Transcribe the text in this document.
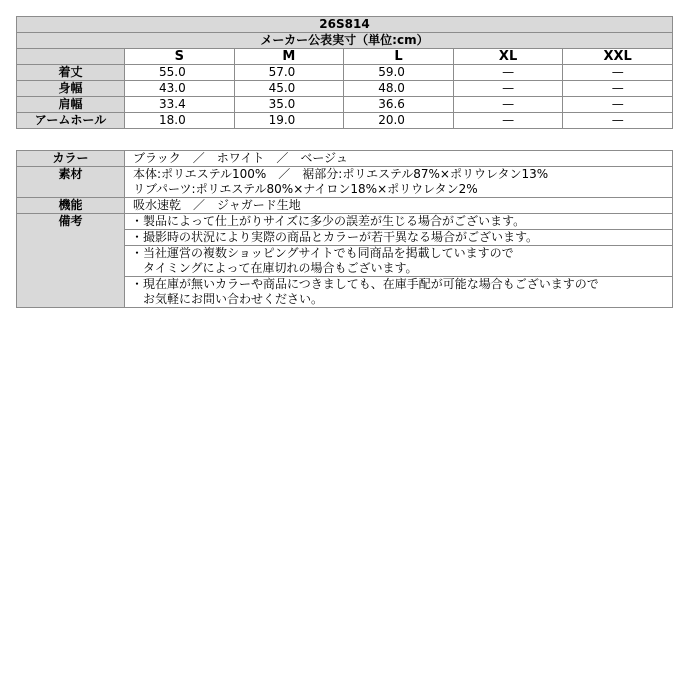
26S814					
メーカー公表実寸（単位:cm）					
	S	M	L	XL	XXL
着丈	55.0	57.0	59.0	—	—
身幅	43.0	45.0	48.0	—	—
肩幅	33.4	35.0	36.6	—	—
アームホール	18.0	19.0	20.0	—	—
カラー	ブラック　／　ホワイト　／　ベージュ
素材	本体:ポリエステル100%　／　裾部分:ポリエステル87%×ポリウレタン13%
リブパーツ:ポリエステル80%×ナイロン18%×ポリウレタン2%

機能	吸水速乾　／　ジャガード生地
備考	・製品によって仕上がりサイズに多少の誤差が生じる場合がございます。

	・撮影時の状況により実際の商品とカラーが若干異なる場合がございます。

	・当社運営の複数ショッピングサイトでも同商品を掲載していますので
　タイミングによって在庫切れの場合もございます。

	・現在庫が無いカラーや商品につきましても、在庫手配が可能な場合もございますので
　お気軽にお問い合わせください。
